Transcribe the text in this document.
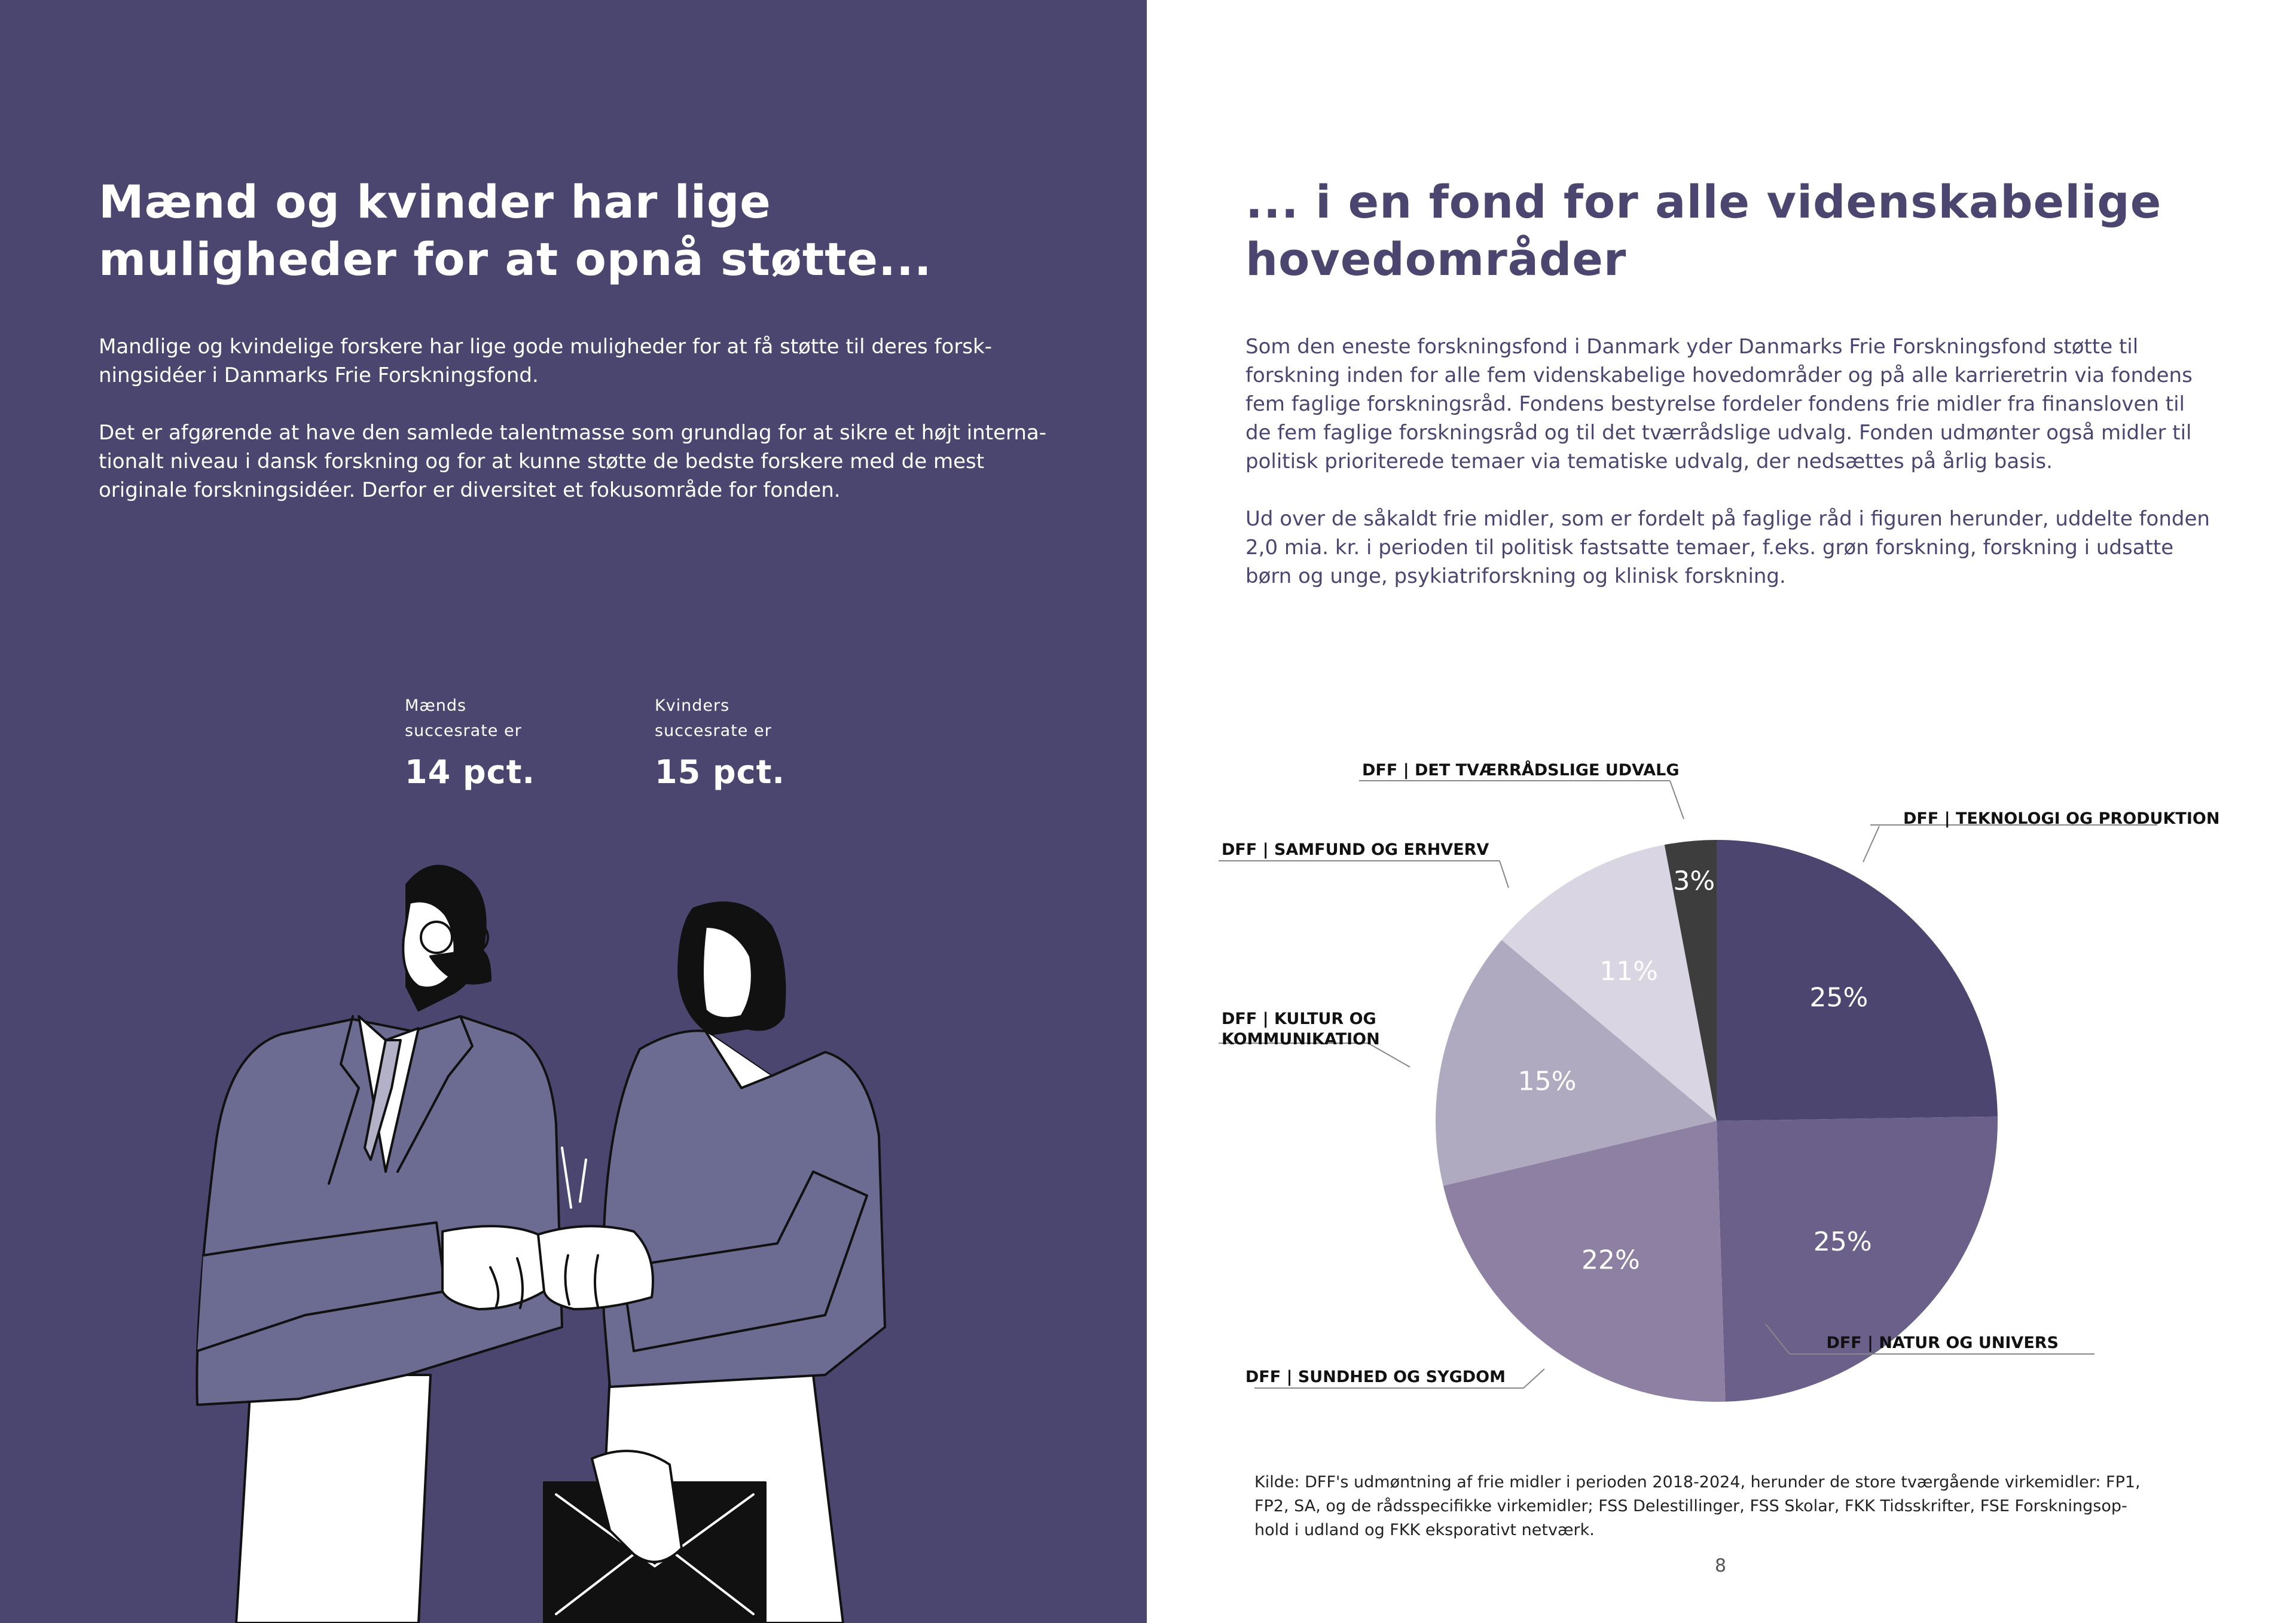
Mænd og kvinder har lige muligheder for at opnå støtte...

Mandlige og kvindelige forskere har lige gode muligheder for at få støtte til deres forsk-
ningsidéer i Danmarks Frie Forskningsfond.

Det er afgørende at have den samlede talentmasse som grundlag for at sikre et højt interna-
tionalt niveau i dansk forskning og for at kunne støtte de bedste forskere med de mest
originale forskningsidéer. Derfor er diversitet et fokusområde for fonden.

Mænds
succesrate er
14 pct.
Kvinders
succesrate er
15 pct.
... i en fond for alle videnskabelige hovedområder

Som den eneste forskningsfond i Danmark yder Danmarks Frie Forskningsfond støtte til
forskning inden for alle fem videnskabelige hovedområder og på alle karrieretrin via fondens
fem faglige forskningsråd. Fondens bestyrelse fordeler fondens frie midler fra finansloven til
de fem faglige forskningsråd og til det tværrådslige udvalg. Fonden udmønter også midler til
politisk prioriterede temaer via tematiske udvalg, der nedsættes på årlig basis.

Ud over de såkaldt frie midler, som er fordelt på faglige råd i figuren herunder, uddelte fonden
2,0 mia. kr. i perioden til politisk fastsatte temaer, f.eks. grøn forskning, forskning i udsatte
børn og unge, psykiatriforskning og klinisk forskning.

25%
DFF | TEKNOLOGI OG PRODUKTION
25%
DFF | NATUR OG UNIVERS
22%
DFF | SUNDHED OG SYGDOM
15%
DFF | KULTUR OG KOMMUNIKATION
11%
DFF | SAMFUND OG ERHVERV
3%
DFF | DET TVÆRRÅDSLIGE UDVALG
Kilde: DFF's udmøntning af frie midler i perioden 2018-2024, herunder de store tværgående virkemidler: FP1,
FP2, SA, og de rådsspecifikke virkemidler; FSS Delestillinger, FSS Skolar, FKK Tidsskrifter, FSE Forskningsop-
hold i udland og FKK eksporativt netværk.
8
